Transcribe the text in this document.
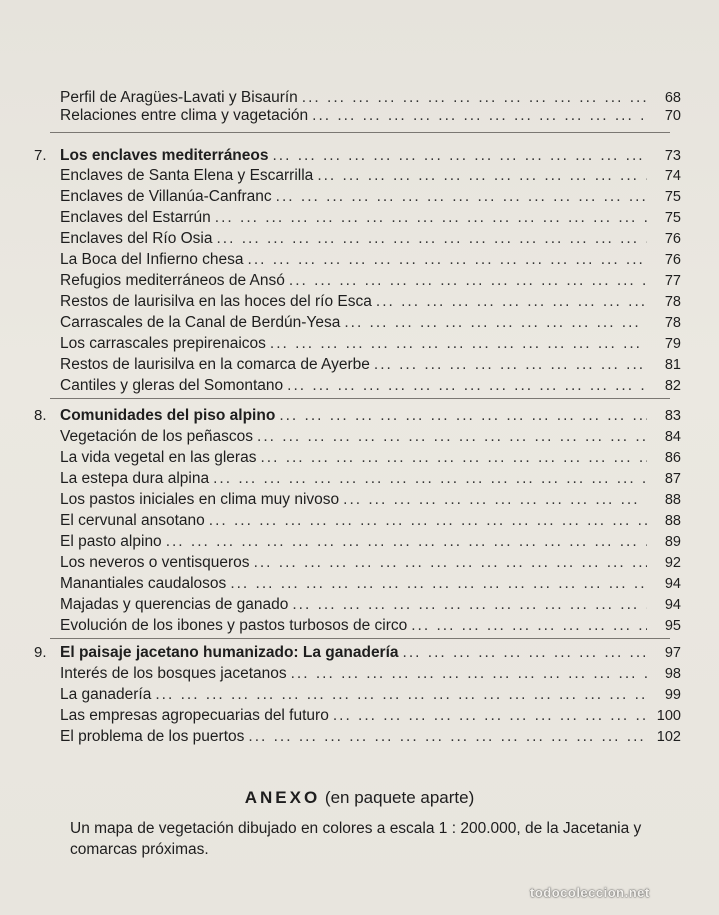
Perfil de Aragües-Lavati y Bisaurín ... .	68
Relaciones entre clima y vagetación ... .	70
7. Los enclaves mediterráneos ... .	73
Enclaves de Santa Elena y Escarrilla ... .	74
Enclaves de Villanúa-Canfranc ... .	75
Enclaves del Estarrún ... .	75
Enclaves del Río Osia ... .	76
La Boca del Infierno chesa ... .	76
Refugios mediterráneos de Ansó ... .	77
Restos de laurisilva en las hoces del río Esca ... .	78
Carrascales de la Canal de Berdún-Yesa ... .	78
Los carrascales prepirenaicos ... .	79
Restos de laurisilva en la comarca de Ayerbe ... .	81
Cantiles y gleras del Somontano ... .	82
8. Comunidades del piso alpino ... .	83
Vegetación de los peñascos ... .	84
La vida vegetal en las gleras ... .	86
La estepa dura alpina ... .	87
Los pastos iniciales en clima muy nivoso ... .	88
El cervunal ansotano ... .	88
El pasto alpino ... .	89
Los neveros o ventisqueros ... .	92
Manantiales caudalosos ... .	94
Majadas y querencias de ganado ... .	94
Evolución de los ibones y pastos turbosos de circo ... .	95
9. El paisaje jacetano humanizado: La ganadería ... .	97
Interés de los bosques jacetanos ... .	98
La ganadería ... .	99
Las empresas agropecuarias del futuro ... .	100
El problema de los puertos ... .	102
ANEXO (en paquete aparte)
Un mapa de vegetación dibujado en colores a escala 1 : 200.000, de la Jacetania y comarcas próximas.
todocoleccion.net
